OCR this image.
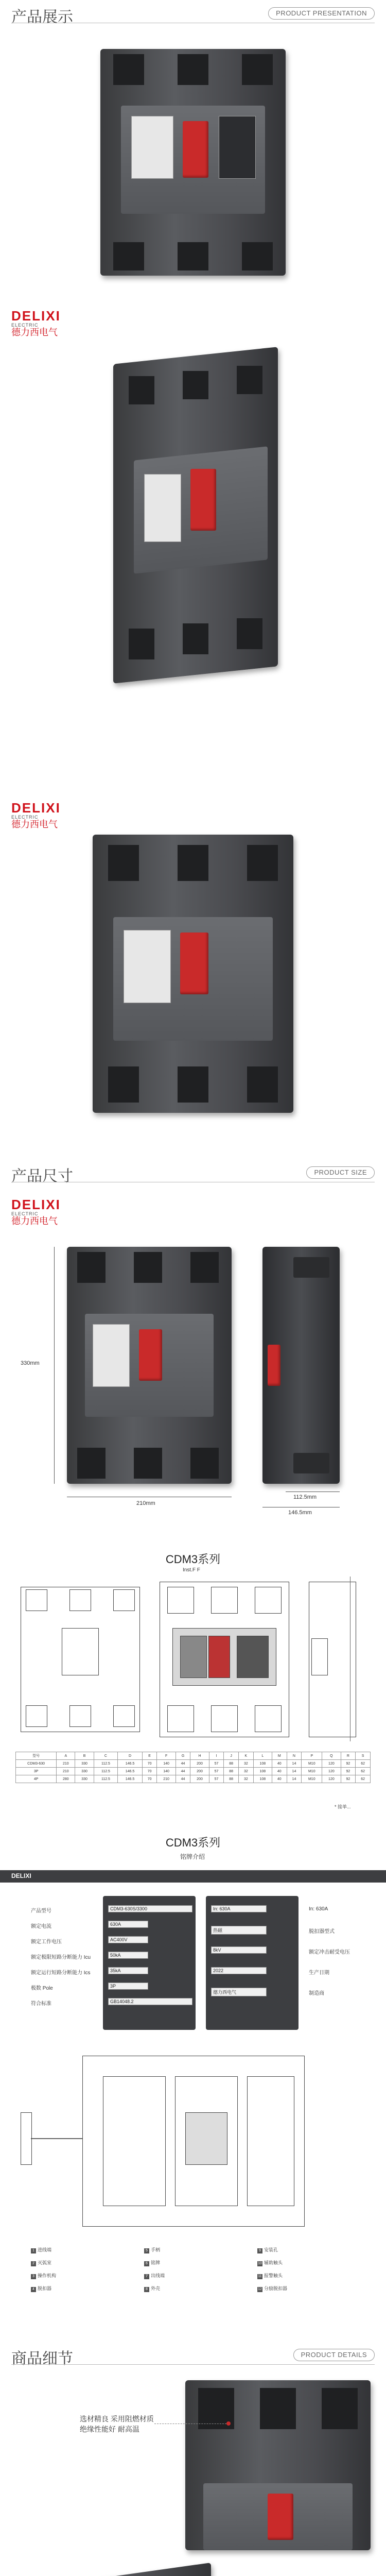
产品展示	PRODUCT PRESENTATION
DELIXI
ELECTRIC
德力西电气
DELIXI
ELECTRIC
德力西电气
产品尺寸	PRODUCT SIZE
DELIXI
ELECTRIC
德力西电气
330mm
210mm
112.5mm
146.5mm
CDM3系列
Inst.F F
型号	A	B	C	D	E	F	G	H	I	J	K	L	M	N	P	Q	R	S
CDM3-630	210	330	112.5	146.5	70	140	44	200	57	88	32	108	40	14	M10	120	92	62
3P	210	330	112.5	146.5	70	140	44	200	57	88	32	108	40	14	M10	120	92	62
4P	280	330	112.5	146.5	70	210	44	200	57	88	32	108	40	14	M10	120	92	62
* 接单...
CDM3系列
铭牌介绍
DELIXI
产品型号
额定电流
额定工作电压
额定极限短路分断能力 Icu
额定运行短路分断能力 Ics
极数 Pole
符合标准
CDM3-630S/3300
630A
AC400V
50kA
35kA
3P
GB14048.2
In: 630A
热磁
8kV
2022
德力西电气
In: 630A
脱扣器型式
额定冲击耐受电压
生产日期
制造商
1 进线端
2 灭弧室
3 操作机构
4 脱扣器
5 手柄
6 铭牌
7 出线端
8 外壳
9 安装孔
10 辅助触头
11 报警触头
12 分励脱扣器
商品细节	PRODUCT DETAILS
选材精良 采用阻燃材质
绝缘性能好 耐高温
